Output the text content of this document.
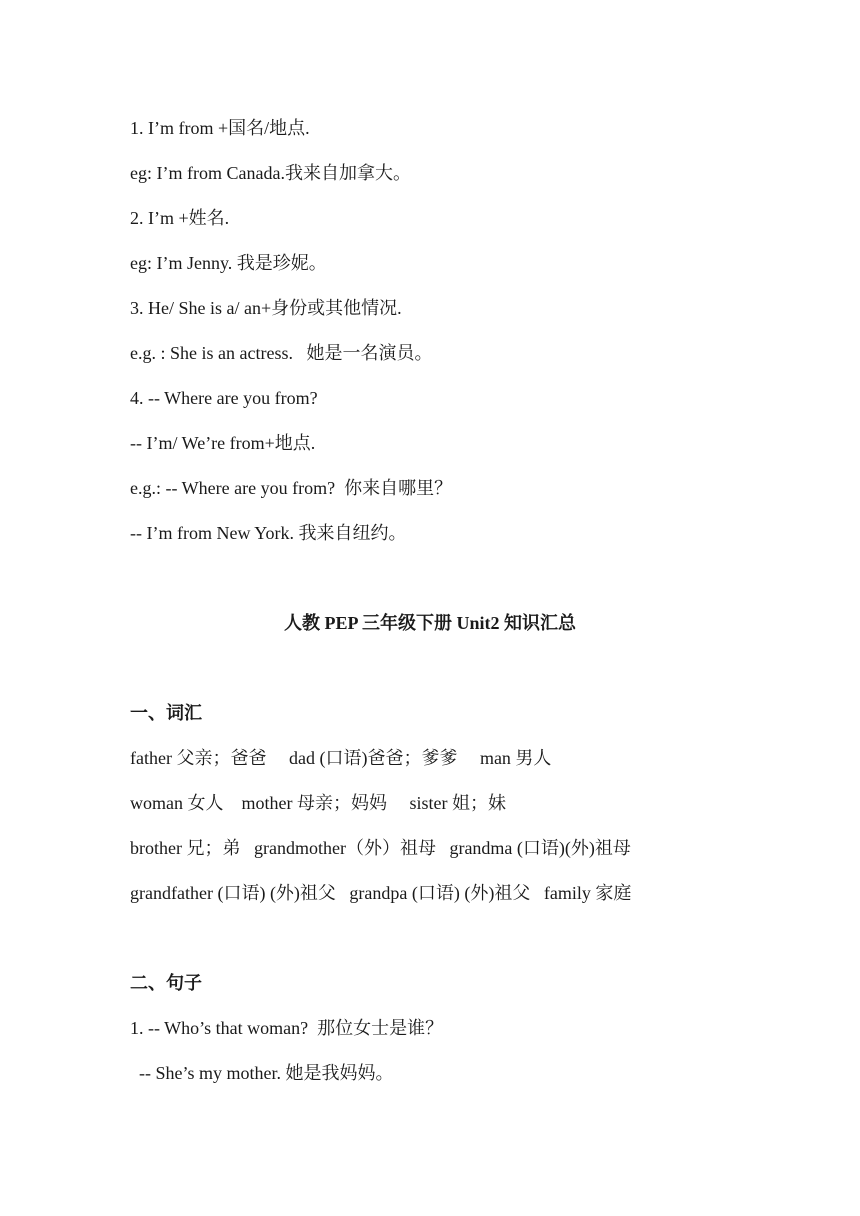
1. I’m from +国名/地点.
eg: I’m from Canada.我来自加拿大。
2. I’m +姓名.
eg: I’m Jenny. 我是珍妮。
3. He/ She is a/ an+身份或其他情况.
e.g. : She is an actress.   她是一名演员。
4. -- Where are you from?
-- I’m/ We’re from+地点.
e.g.: -- Where are you from?  你来自哪里？
-- I’m from New York. 我来自纽约。
人教 PEP 三年级下册 Unit2 知识汇总
一、词汇
father 父亲；爸爸     dad (口语)爸爸；爹爹     man 男人
woman 女人    mother 母亲；妈妈     sister 姐；妹
brother 兄；弟   grandmother（外）祖母   grandma (口语)(外)祖母
grandfather (口语) (外)祖父   grandpa (口语) (外)祖父   family 家庭
二、句子
1. -- Who’s that woman?  那位女士是谁？
-- She’s my mother. 她是我妈妈。
